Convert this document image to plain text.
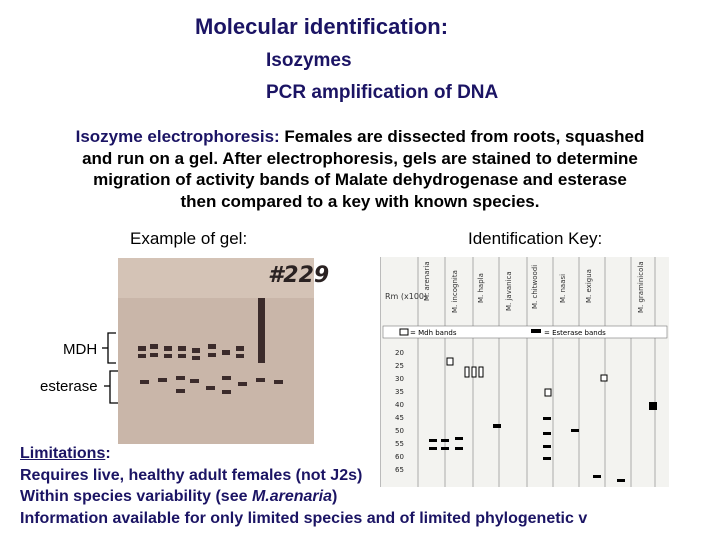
Molecular identification:
Isozymes
PCR amplification of DNA
Isozyme electrophoresis: Females are dissected from roots, squashed
and run on a gel. After electrophoresis, gels are stained to determine
migration of activity bands of Malate dehydrogenase and esterase
then compared to a key with known species.
Example of gel:	Identification Key:
#229
MDH
esterase
Rm (x100)
M. arenaria	M. incognita	M. hapla	M. javanica	M. chitwoodi	M. naasi	M. exigua	M. graminicola
= Mdh bands	= Esterase bands
20
25
30
35
40
45
50
55
60
65
Limitations:
Requires live, healthy adult females (not J2s)
Within species variability (see M.arenaria)
Information available for only limited species and of limited phylogenetic v
